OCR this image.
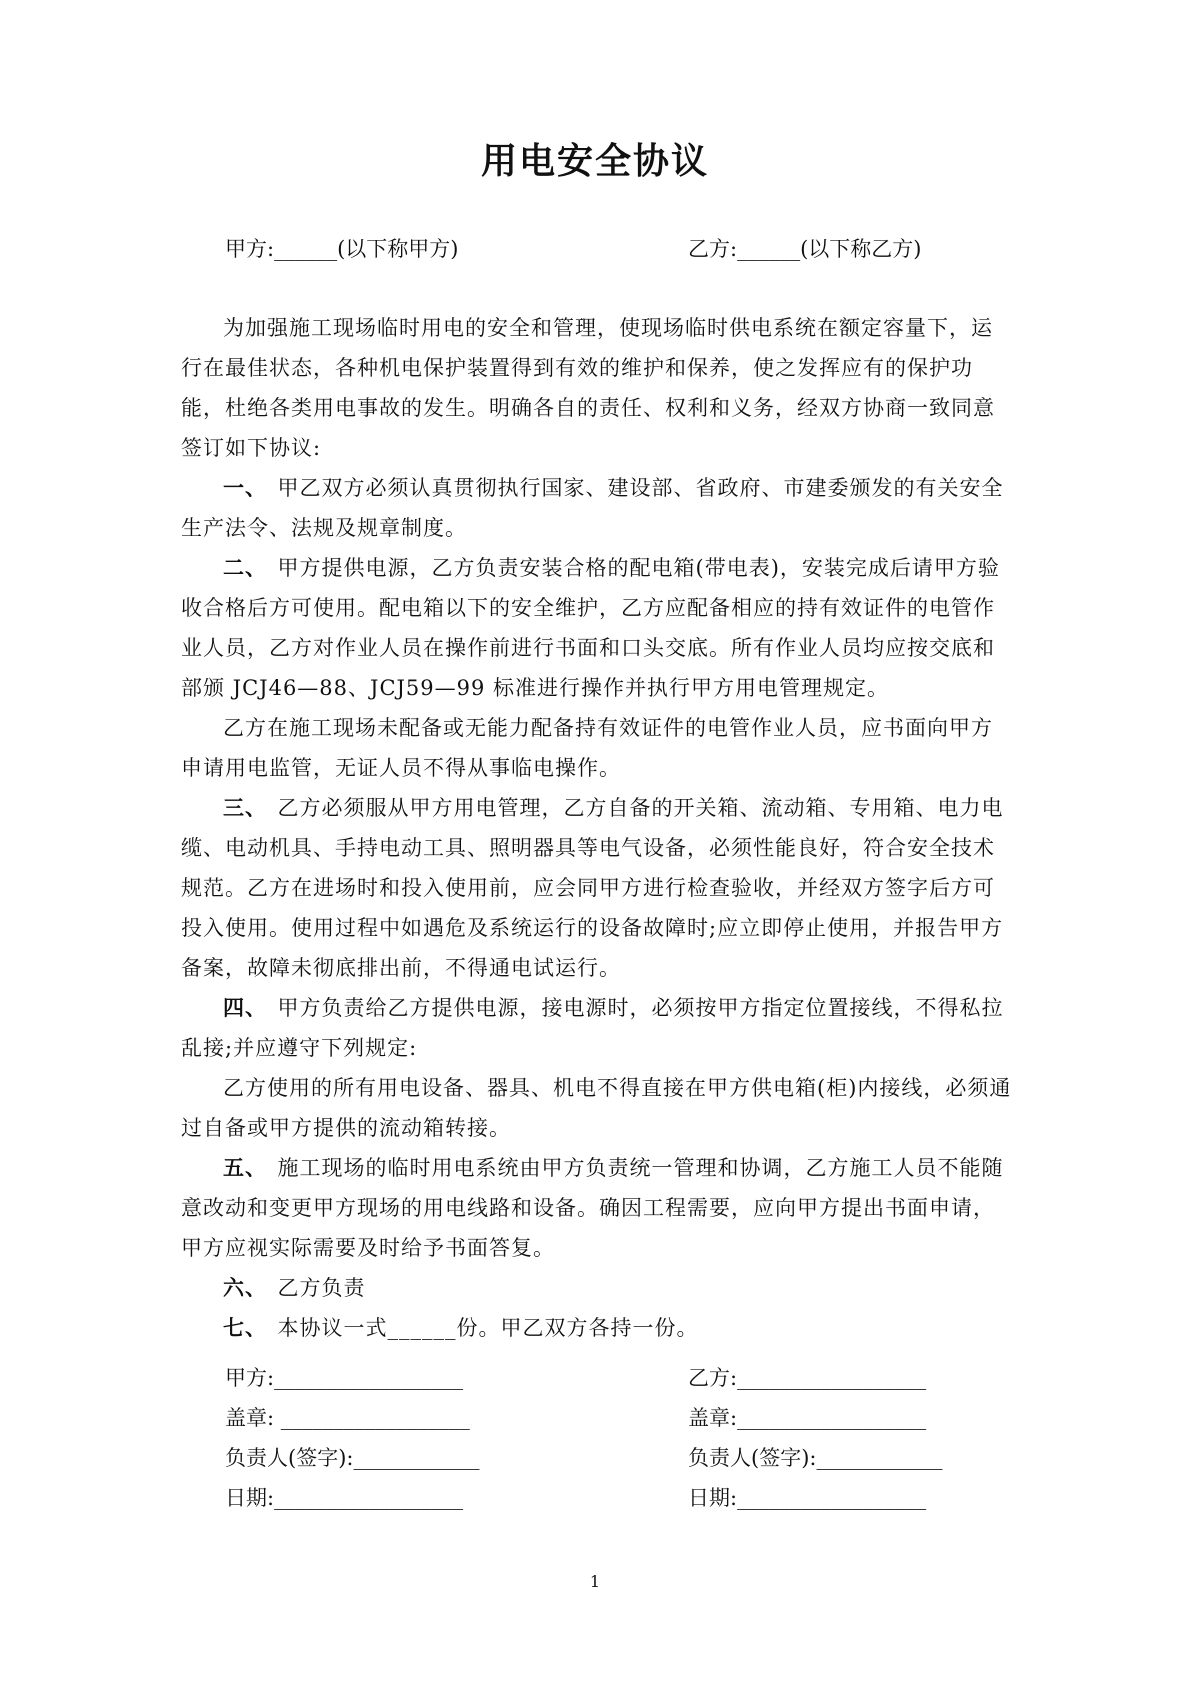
用电安全协议
甲方:______(以下称甲方)	乙方:______(以下称乙方)

为加强施工现场临时用电的安全和管理，使现场临时供电系统在额定容量下，运行在最佳状态，各种机电保护装置得到有效的维护和保养，使之发挥应有的保护功能，杜绝各类用电事故的发生。明确各自的责任、权利和义务，经双方协商一致同意签订如下协议:

一、 甲乙双方必须认真贯彻执行国家、建设部、省政府、市建委颁发的有关安全生产法令、法规及规章制度。

二、 甲方提供电源，乙方负责安装合格的配电箱(带电表)，安装完成后请甲方验收合格后方可使用。配电箱以下的安全维护，乙方应配备相应的持有效证件的电管作业人员，乙方对作业人员在操作前进行书面和口头交底。所有作业人员均应按交底和部颁 JCJ46—88、JCJ59—99 标准进行操作并执行甲方用电管理规定。

乙方在施工现场未配备或无能力配备持有效证件的电管作业人员，应书面向甲方申请用电监管，无证人员不得从事临电操作。

三、 乙方必须服从甲方用电管理，乙方自备的开关箱、流动箱、专用箱、电力电缆、电动机具、手持电动工具、照明器具等电气设备，必须性能良好，符合安全技术规范。乙方在进场时和投入使用前，应会同甲方进行检查验收，并经双方签字后方可投入使用。使用过程中如遇危及系统运行的设备故障时;应立即停止使用，并报告甲方备案，故障未彻底排出前，不得通电试运行。

四、 甲方负责给乙方提供电源，接电源时，必须按甲方指定位置接线，不得私拉乱接;并应遵守下列规定:

乙方使用的所有用电设备、器具、机电不得直接在甲方供电箱(柜)内接线，必须通过自备或甲方提供的流动箱转接。

五、 施工现场的临时用电系统由甲方负责统一管理和协调，乙方施工人员不能随意改动和变更甲方现场的用电线路和设备。确因工程需要，应向甲方提出书面申请，甲方应视实际需要及时给予书面答复。

六、 乙方负责

七、 本协议一式______份。甲乙双方各持一份。

甲方:__________________
盖章: __________________
负责人(签字):____________
日期:__________________
乙方:__________________
盖章:__________________
负责人(签字):____________
日期:__________________
1
